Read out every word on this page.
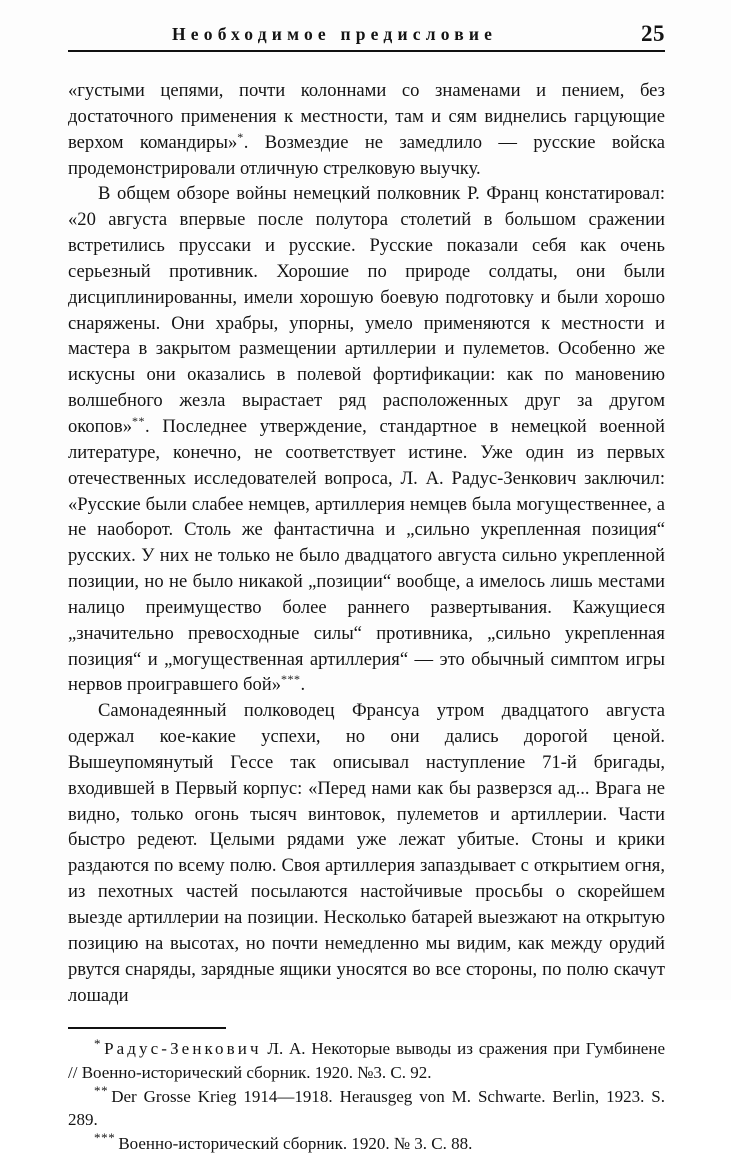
Необходимое предисловие	25

«густыми цепями, почти колоннами со знаменами и пением, без достаточного применения к местности, там и сям виднелись гарцующие верхом командиры»*. Возмездие не замедлило — русские войска продемонстрировали отличную стрелковую выучку.

В общем обзоре войны немецкий полковник Р. Франц констатировал: «20 августа впервые после полутора столетий в большом сражении встретились пруссаки и русские. Русские показали себя как очень серьезный противник. Хорошие по природе солдаты, они были дисциплинированны, имели хорошую боевую подготовку и были хорошо снаряжены. Они храбры, упорны, умело применяются к местности и мастера в закрытом размещении артиллерии и пулеметов. Особенно же искусны они оказались в полевой фортификации: как по мановению волшебного жезла вырастает ряд расположенных друг за другом окопов»**. Последнее утверждение, стандартное в немецкой военной литературе, конечно, не соответствует истине. Уже один из первых отечественных исследователей вопроса, Л. А. Радус-Зенкович заключил: «Русские были слабее немцев, артиллерия немцев была могущественнее, а не наоборот. Столь же фантастична и „сильно укрепленная позиция“ русских. У них не только не было двадцатого августа сильно укрепленной позиции, но не было никакой „позиции“ вообще, а имелось лишь местами налицо преимущество более раннего развертывания. Кажущиеся „значительно превосходные силы“ противника, „сильно укрепленная позиция“ и „могущественная артиллерия“ — это обычный симптом игры нервов проигравшего бой»***.

Самонадеянный полководец Франсуа утром двадцатого августа одержал кое-какие успехи, но они дались дорогой ценой. Вышеупомянутый Гессе так описывал наступление 71-й бригады, входившей в Первый корпус: «Перед нами как бы разверзся ад... Врага не видно, только огонь тысяч винтовок, пулеметов и артиллерии. Части быстро редеют. Целыми рядами уже лежат убитые. Стоны и крики раздаются по всему полю. Своя артиллерия запаздывает с открытием огня, из пехотных частей посылаются настойчивые просьбы о скорейшем выезде артиллерии на позиции. Несколько батарей выезжают на открытую позицию на высотах, но почти немедленно мы видим, как между орудий рвутся снаряды, зарядные ящики уносятся во все стороны, по полю скачут лошади

* Радус-Зенкович Л. А. Некоторые выводы из сражения при Гумбинене // Военно-исторический сборник. 1920. №3. С. 92.

** Der Grosse Krieg 1914—1918. Herausgeg von M. Schwarte. Berlin, 1923. S. 289.

*** Военно-исторический сборник. 1920. № 3. С. 88.
